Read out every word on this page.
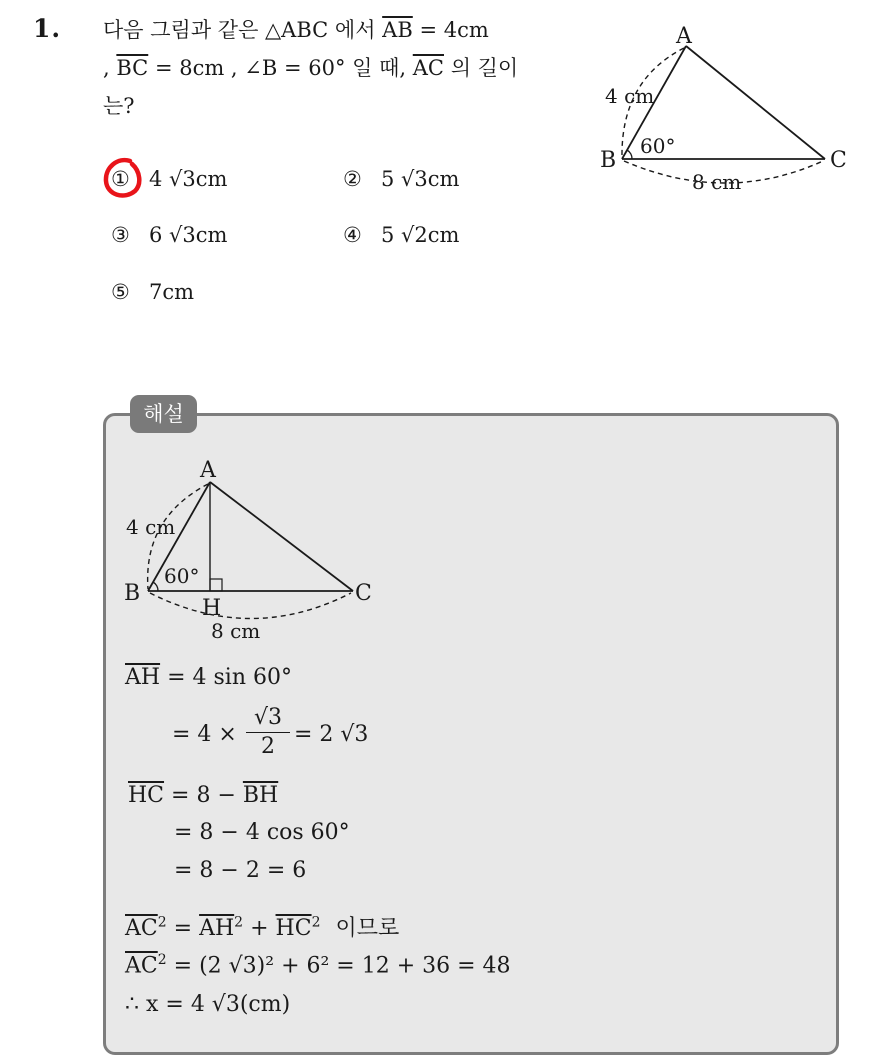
1. 다음 그림과 같은 △ABC 에서 $\overline{AB} = 4cm$
, $\overline{BC} = 8cm$ , ∠B = 60° 일 때, $\overline{AC}$ 의 길이
는?
① 4 √3cm	② 5 √3cm
③ 6 √3cm	④ 5 √2cm
⑤ 7cm
A
B	C
4 cm
60°
8 cm
해설
A
B	C
H
4 cm
60°
8 cm
$\overline{AH} = 4$ sin 60°
= 4 ×
√3
2 = 2 √3
$\overline{HC} = 8 - \overline{BH}$
= 8 − 4 cos 60°
= 8 − 2 = 6
$\overline{AC}^2 = \overline{AH}^2 + \overline{HC}^2$ 이므로
$\overline{AC}^2 = (2$ √3)² + 6² = 12 + 36 = 48
∴ x = 4 √3(cm)
